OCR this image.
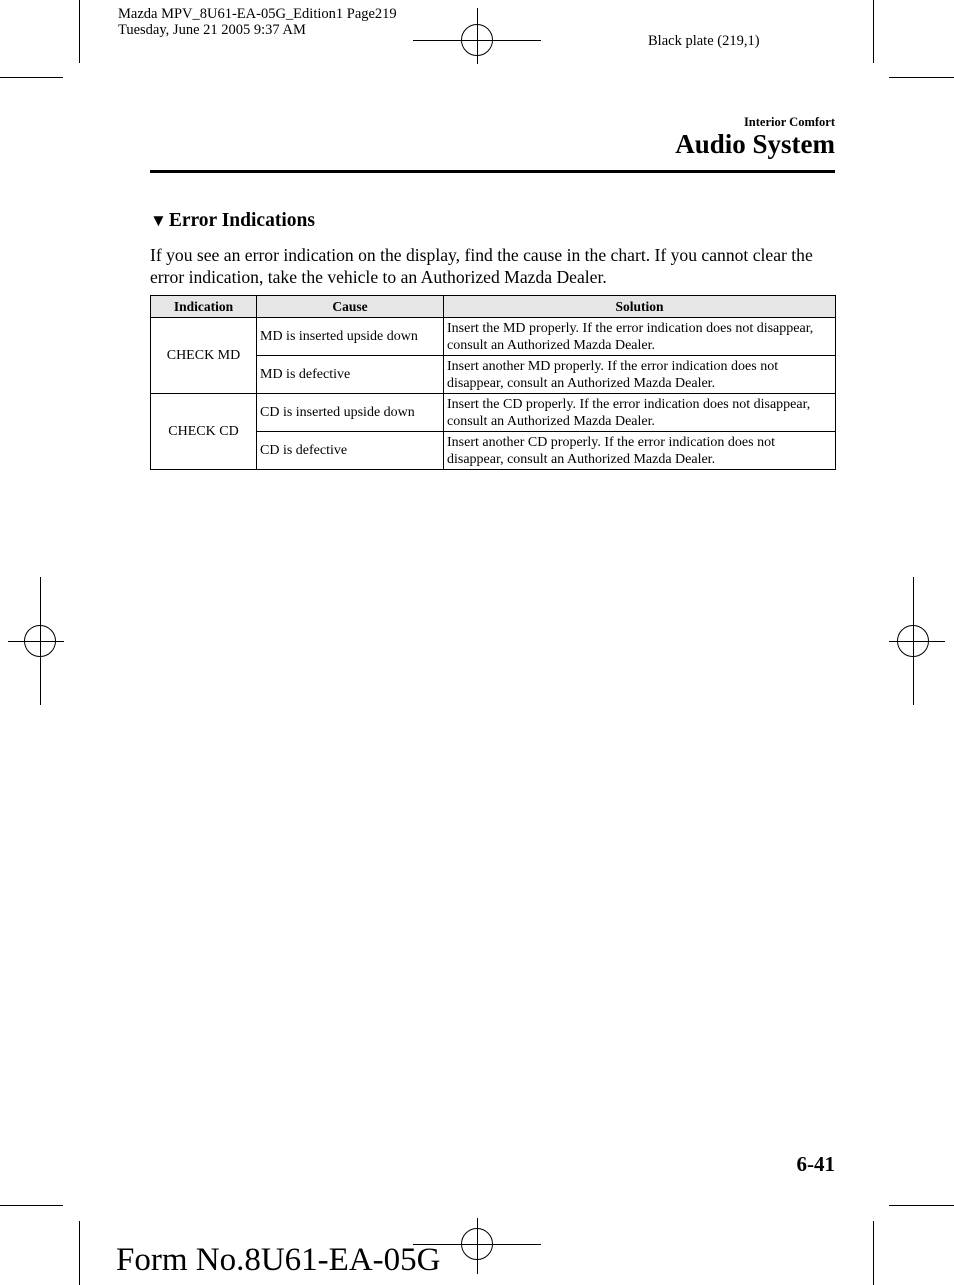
Mazda MPV_8U61-EA-05G_Edition1 Page219
Tuesday, June 21 2005 9:37 AM
Black plate (219,1)
Interior Comfort
Audio System
▼ Error Indications
If you see an error indication on the display, find the cause in the chart. If you cannot clear the error indication, take the vehicle to an Authorized Mazda Dealer.
Indication	Cause	Solution
CHECK MD	MD is inserted upside down	Insert the MD properly. If the error indication does not disappear, consult an Authorized Mazda Dealer.
	MD is defective	Insert another MD properly. If the error indication does not disappear, consult an Authorized Mazda Dealer.
CHECK CD	CD is inserted upside down	Insert the CD properly. If the error indication does not disappear, consult an Authorized Mazda Dealer.
	CD is defective	Insert another CD properly. If the error indication does not disappear, consult an Authorized Mazda Dealer.
6-41
Form No.8U61-EA-05G
